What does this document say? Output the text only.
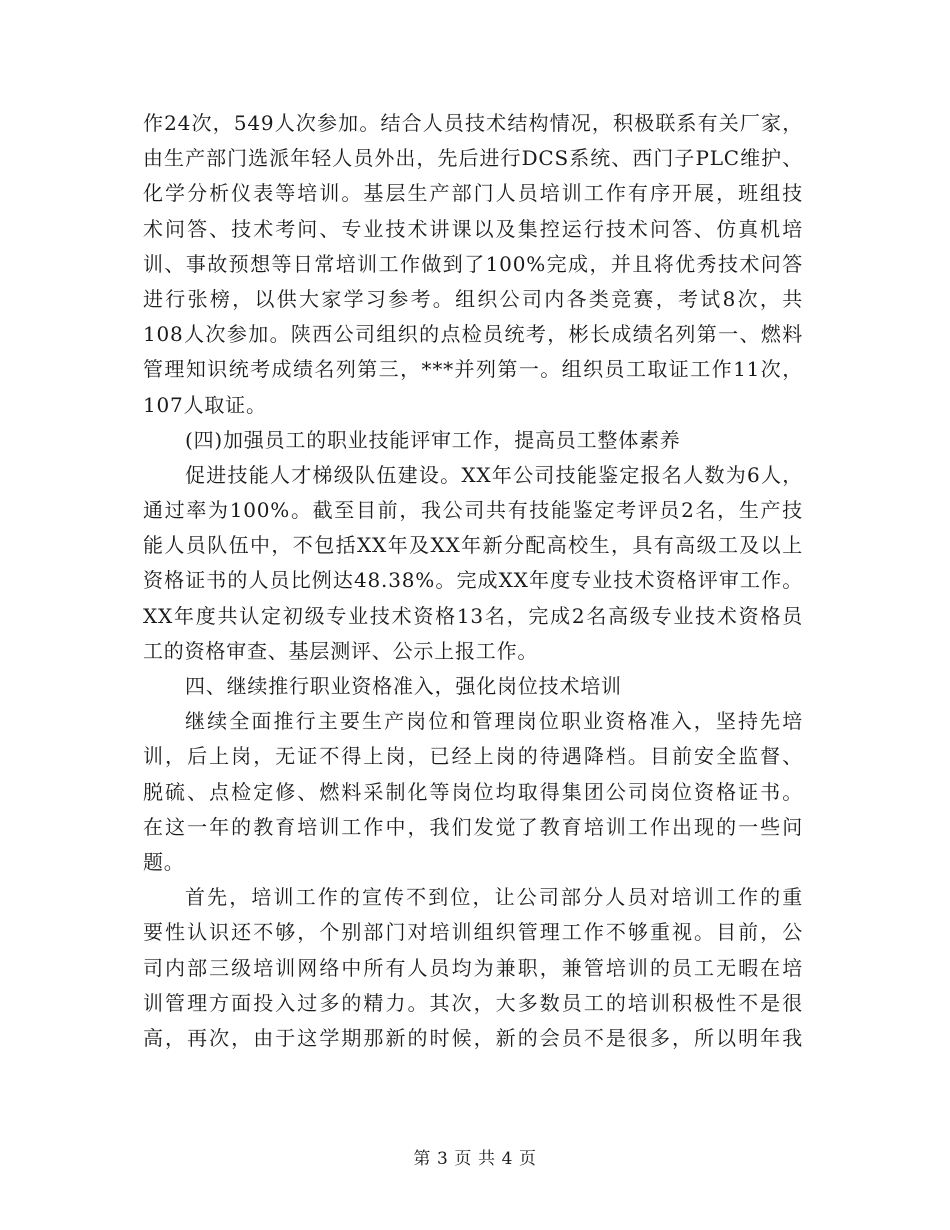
作24次，549人次参加。结合人员技术结构情况，积极联系有关厂家，
由生产部门选派年轻人员外出，先后进行DCS系统、西门子PLC维护、
化学分析仪表等培训。基层生产部门人员培训工作有序开展，班组技
术问答、技术考问、专业技术讲课以及集控运行技术问答、仿真机培
训、事故预想等日常培训工作做到了100%完成，并且将优秀技术问答
进行张榜，以供大家学习参考。组织公司内各类竞赛，考试8次，共
108人次参加。陕西公司组织的点检员统考，彬长成绩名列第一、燃料
管理知识统考成绩名列第三，***并列第一。组织员工取证工作11次，
107人取证。
(四)加强员工的职业技能评审工作，提高员工整体素养
促进技能人才梯级队伍建设。XX年公司技能鉴定报名人数为6人，
通过率为100%。截至目前，我公司共有技能鉴定考评员2名，生产技
能人员队伍中，不包括XX年及XX年新分配高校生，具有高级工及以上
资格证书的人员比例达48.38%。完成XX年度专业技术资格评审工作。
XX年度共认定初级专业技术资格13名，完成2名高级专业技术资格员
工的资格审查、基层测评、公示上报工作。
四、继续推行职业资格准入，强化岗位技术培训
继续全面推行主要生产岗位和管理岗位职业资格准入，坚持先培
训，后上岗，无证不得上岗，已经上岗的待遇降档。目前安全监督、
脱硫、点检定修、燃料采制化等岗位均取得集团公司岗位资格证书。
在这一年的教育培训工作中，我们发觉了教育培训工作出现的一些问
题。
首先，培训工作的宣传不到位，让公司部分人员对培训工作的重
要性认识还不够，个别部门对培训组织管理工作不够重视。目前，公
司内部三级培训网络中所有人员均为兼职，兼管培训的员工无暇在培
训管理方面投入过多的精力。其次，大多数员工的培训积极性不是很
高，再次，由于这学期那新的时候，新的会员不是很多，所以明年我
第 3 页 共 4 页
